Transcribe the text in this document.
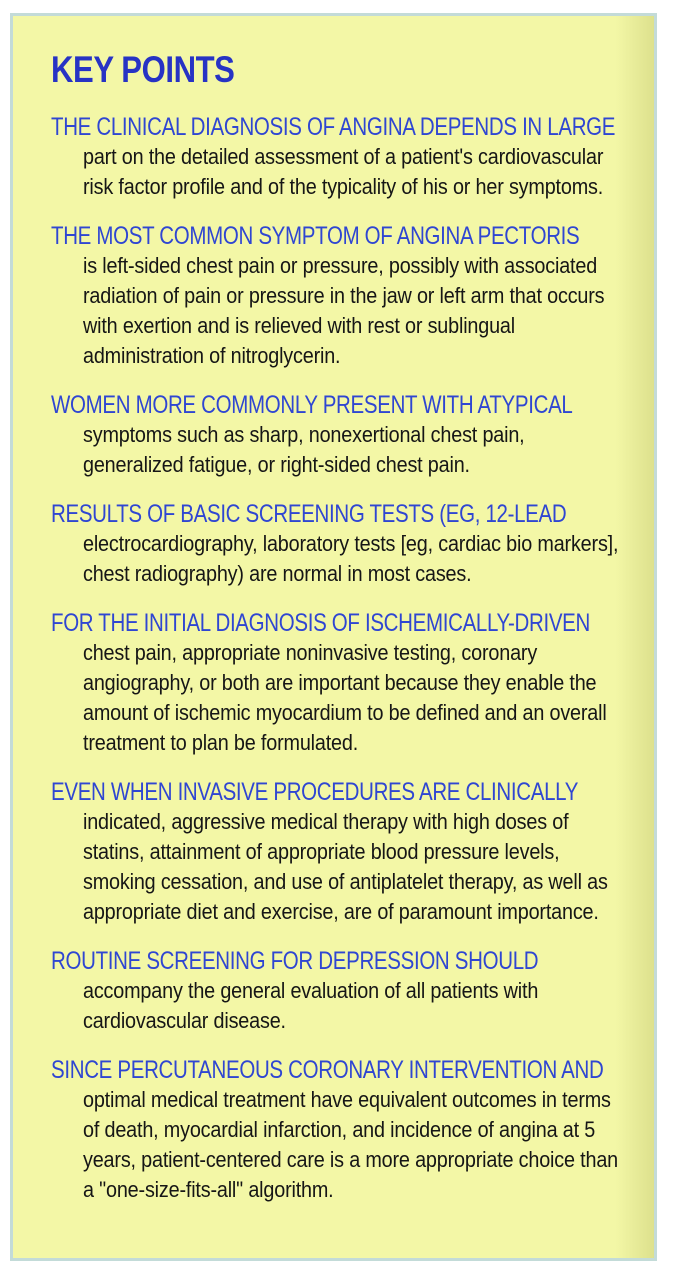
KEY POINTS
THE CLINICAL DIAGNOSIS OF ANGINA DEPENDS IN LARGE
part on the detailed assessment of a patient's cardiovascular risk factor profile and of the typicality of his or her symptoms.
THE MOST COMMON SYMPTOM OF ANGINA PECTORIS
is left-sided chest pain or pressure, possibly with associated radiation of pain or pressure in the jaw or left arm that occurs with exertion and is relieved with rest or sublingual administration of nitroglycerin.
WOMEN MORE COMMONLY PRESENT WITH ATYPICAL
symptoms such as sharp, nonexertional chest pain, generalized fatigue, or right-sided chest pain.
RESULTS OF BASIC SCREENING TESTS (EG, 12-LEAD
electrocardiography, laboratory tests [eg, cardiac bio markers], chest radiography) are normal in most cases.
FOR THE INITIAL DIAGNOSIS OF ISCHEMICALLY-DRIVEN
chest pain, appropriate noninvasive testing, coronary angiography, or both are important because they enable the amount of ischemic myocardium to be defined and an overall treatment to plan be formulated.
EVEN WHEN INVASIVE PROCEDURES ARE CLINICALLY
indicated, aggressive medical therapy with high doses of statins, attainment of appropriate blood pressure levels, smoking cessation, and use of antiplatelet therapy, as well as appropriate diet and exercise, are of paramount importance.
ROUTINE SCREENING FOR DEPRESSION SHOULD
accompany the general evaluation of all patients with cardiovascular disease.
SINCE PERCUTANEOUS CORONARY INTERVENTION AND
optimal medical treatment have equivalent outcomes in terms of death, myocardial infarction, and incidence of angina at 5 years, patient-centered care is a more appropriate choice than a "one-size-fits-all" algorithm.
